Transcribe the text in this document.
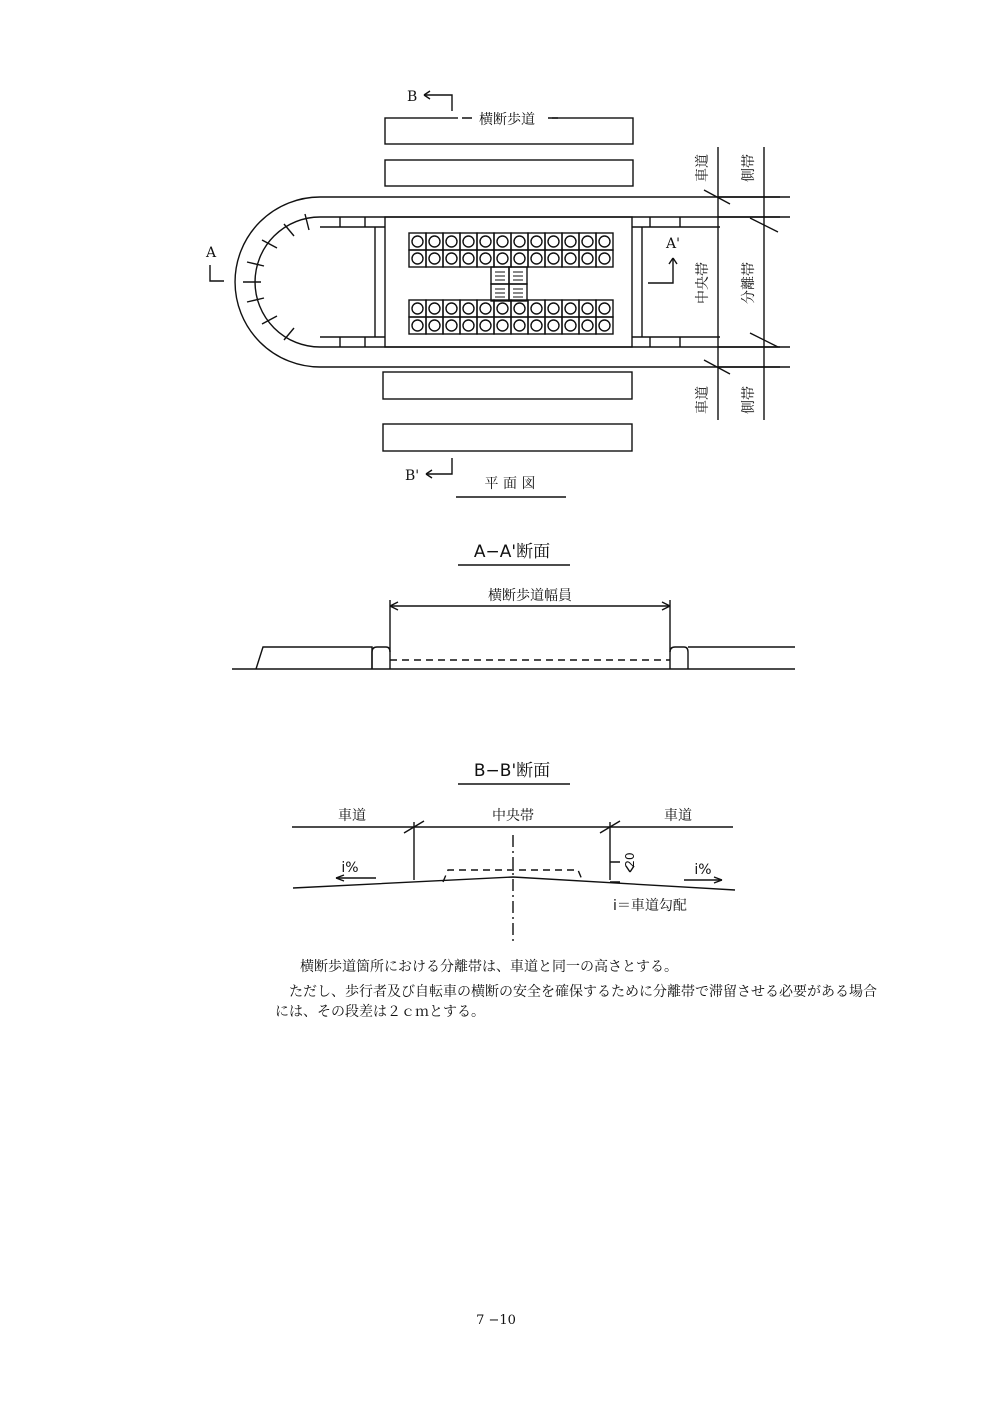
B
横断歩道
A
A'
車道 側帯
中央帯 分離帯
車道 側帯
B'	平 面 図
A−A'断面
横断歩道幅員
B−B'断面
車道	中央帯	車道
20
i%	i%
i＝車道勾配
横断歩道箇所における分離帯は、車道と同一の高さとする。
ただし、歩行者及び自転車の横断の安全を確保するために分離帯で滞留させる必要がある場合
には、その段差は２ｃｍとする。
7 −10
